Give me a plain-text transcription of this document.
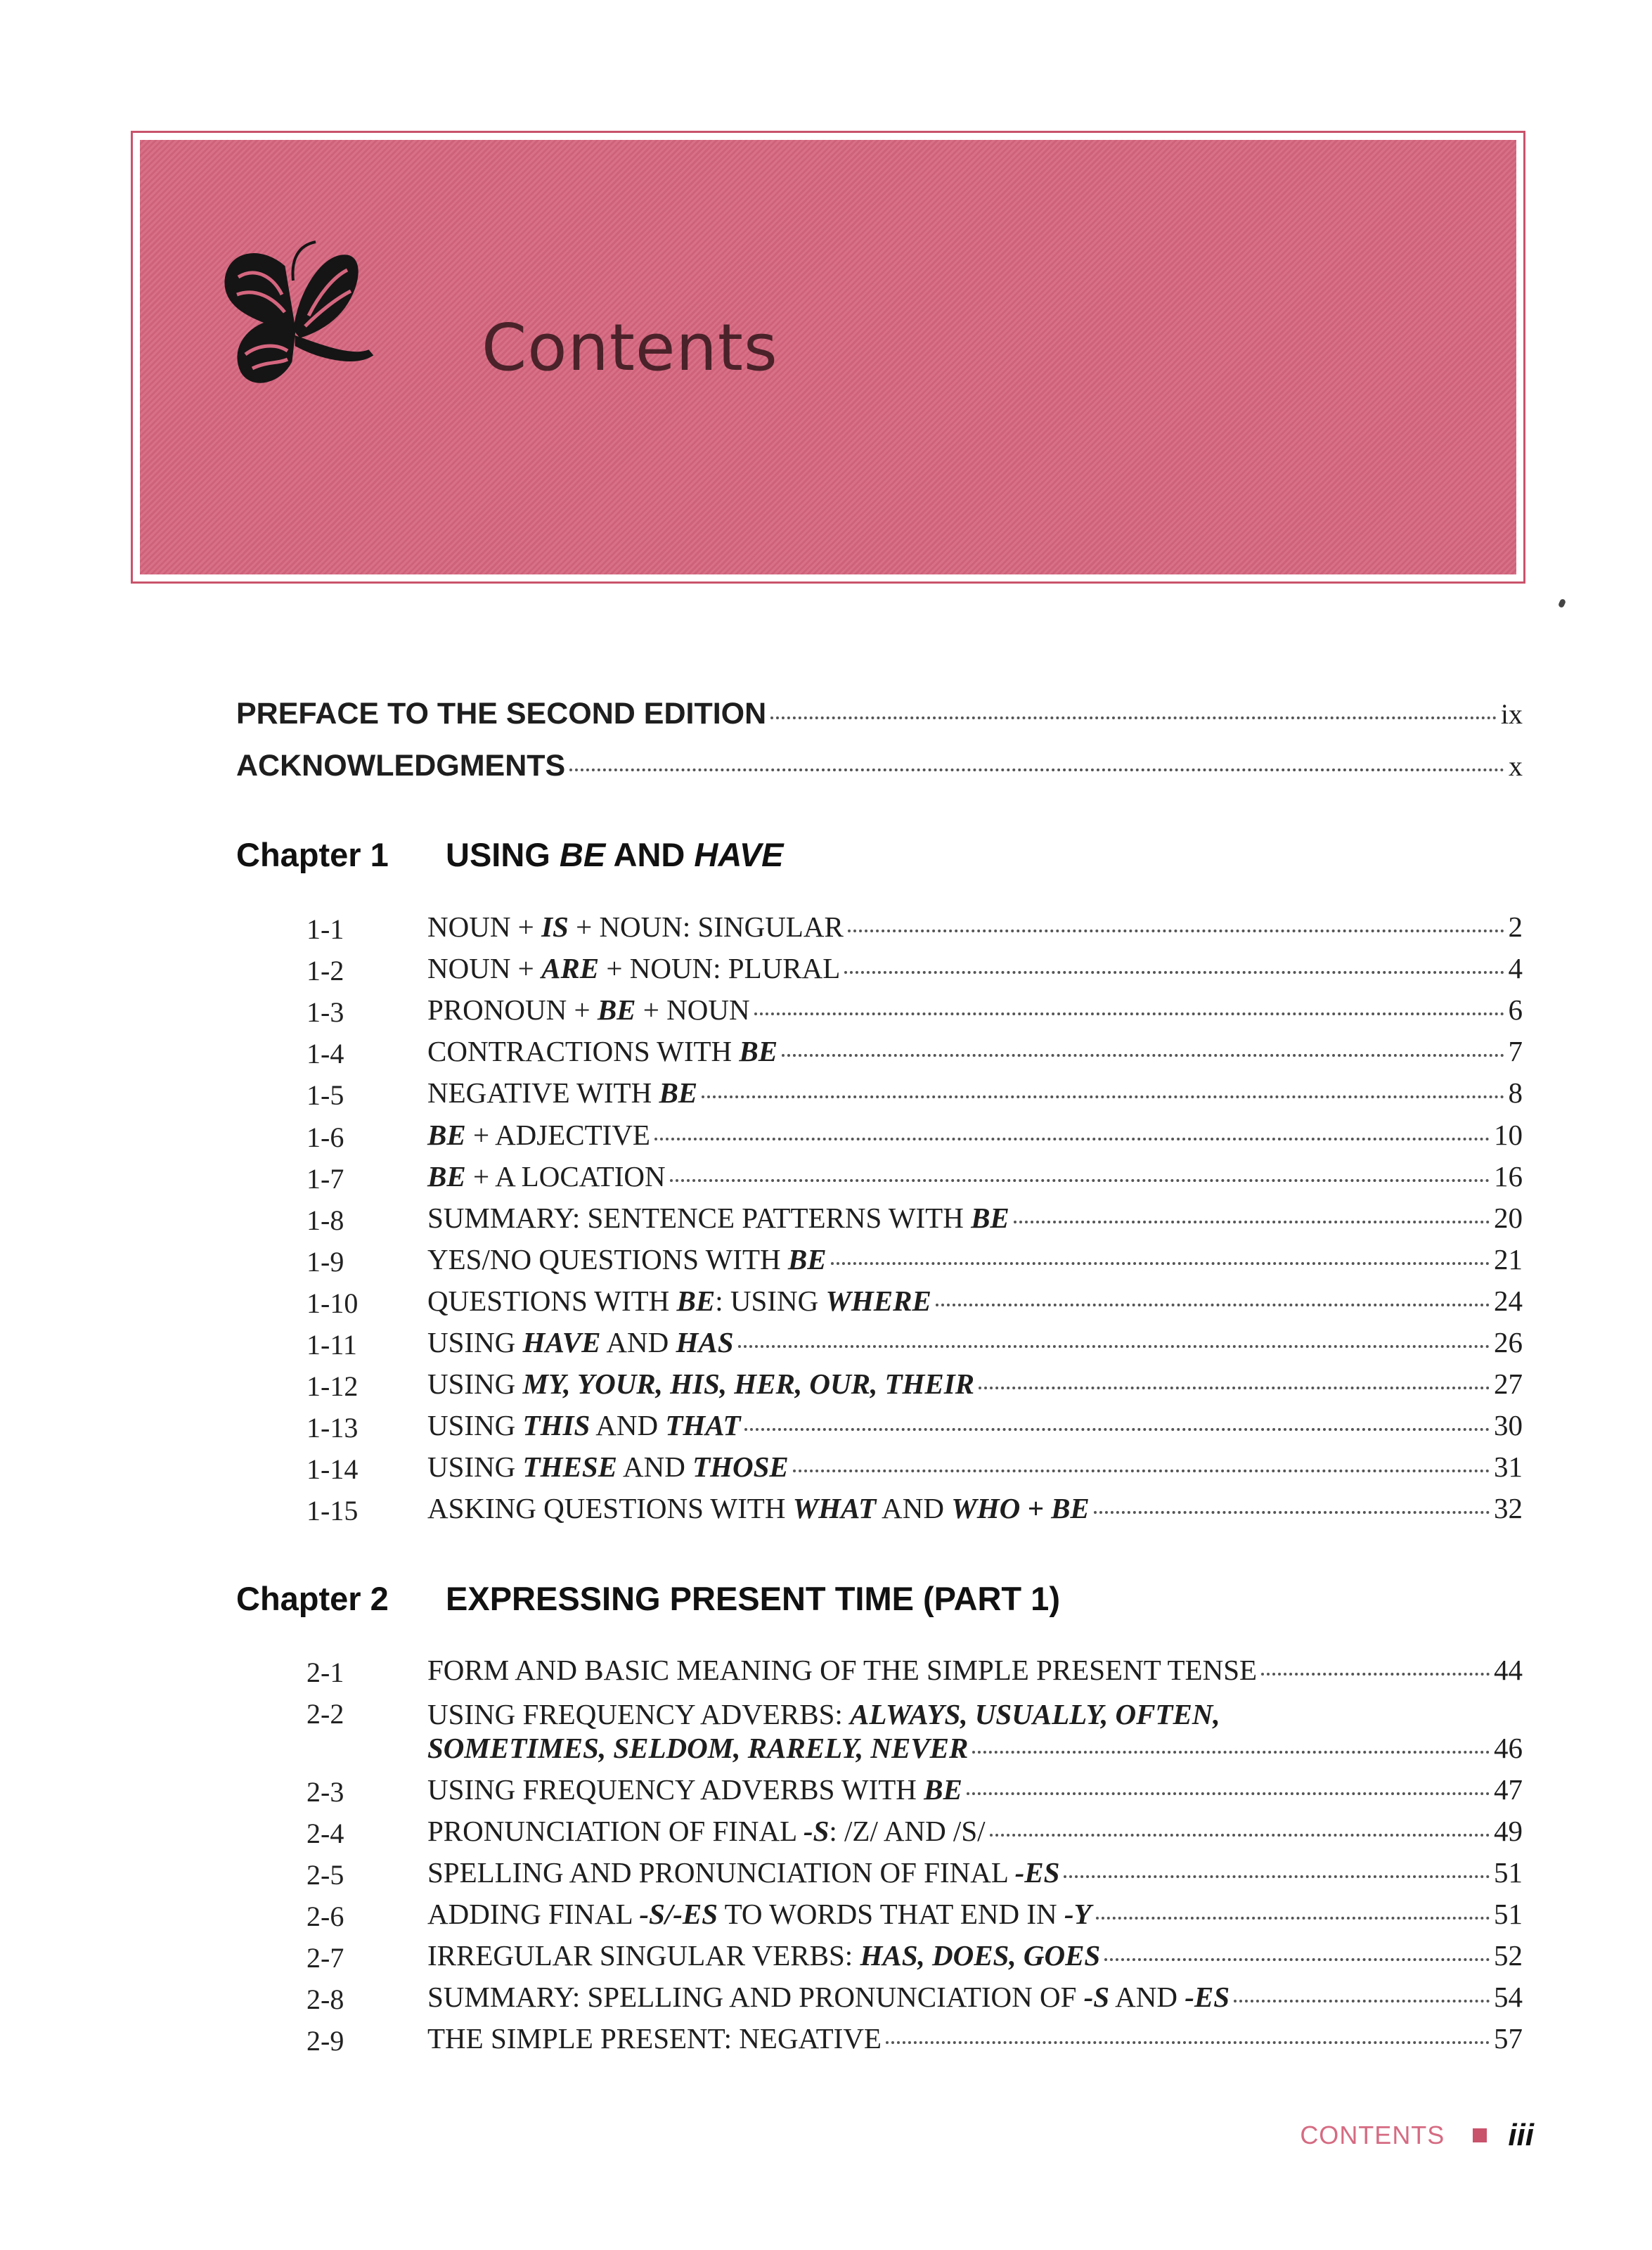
Contents
PREFACE TO THE SECOND EDITION	ix
ACKNOWLEDGMENTS	x
Chapter 1 USING BE AND HAVE
1-1	NOUN + IS + NOUN: SINGULAR	2
1-2	NOUN + ARE + NOUN: PLURAL	4
1-3	PRONOUN + BE + NOUN	6
1-4	CONTRACTIONS WITH BE	7
1-5	NEGATIVE WITH BE	8
1-6	BE + ADJECTIVE	10
1-7	BE + A LOCATION	16
1-8	SUMMARY: SENTENCE PATTERNS WITH BE	20
1-9	YES/NO QUESTIONS WITH BE	21
1-10 QUESTIONS WITH BE: USING WHERE	24
1-11 USING HAVE AND HAS	26
1-12 USING MY, YOUR, HIS, HER, OUR, THEIR	27
1-13 USING THIS AND THAT	30
1-14 USING THESE AND THOSE	31
1-15 ASKING QUESTIONS WITH WHAT AND WHO + BE	32
Chapter 2 EXPRESSING PRESENT TIME (PART 1)
2-1	FORM AND BASIC MEANING OF THE SIMPLE PRESENT TENSE	44
2-2	USING FREQUENCY ADVERBS: ALWAYS, USUALLY, OFTEN,
SOMETIMES, SELDOM, RARELY, NEVER	46
2-3	USING FREQUENCY ADVERBS WITH BE	47
2-4	PRONUNCIATION OF FINAL -S: /Z/ AND /S/	49
2-5	SPELLING AND PRONUNCIATION OF FINAL -ES	51
2-6	ADDING FINAL -S/-ES TO WORDS THAT END IN -Y	51
2-7	IRREGULAR SINGULAR VERBS: HAS, DOES, GOES	52
2-8	SUMMARY: SPELLING AND PRONUNCIATION OF -S AND -ES	54
2-9	THE SIMPLE PRESENT: NEGATIVE	57
CONTENTS iii
